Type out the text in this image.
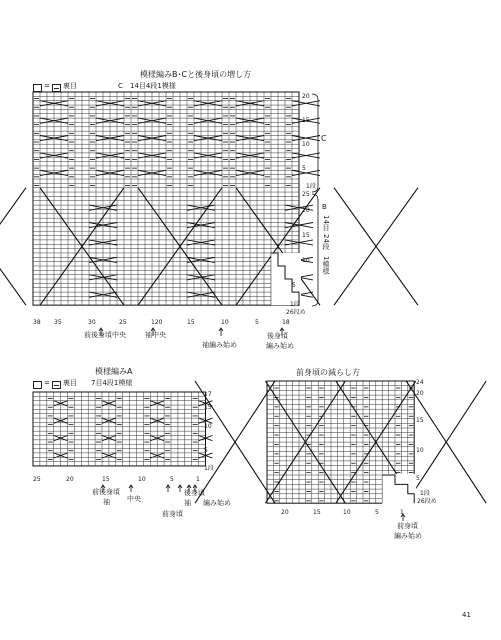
模様編みB･Cと後身頃の増し方
= 裏目	C 14目4段1模様
20
15
10
5
1段
25
20
15
10
5
1段
26段め
C
B
14目
24段
1模様
38 35	30	25	120	15	10	5	18
前後身頃中央	袖中央
袖編み始め
後身頃
編み始め
模様編みA
= 裏目 7目4段1模様
17
15
10
5
1段
25	20	15	10	5	1
前後身頃
袖 中央
前身頃
後身頃
袖 編み始め
前身頃の減らし方
24
20
15
10
5
1段
26段め
20	15	10	5	1
前身頃
編み始め
41
